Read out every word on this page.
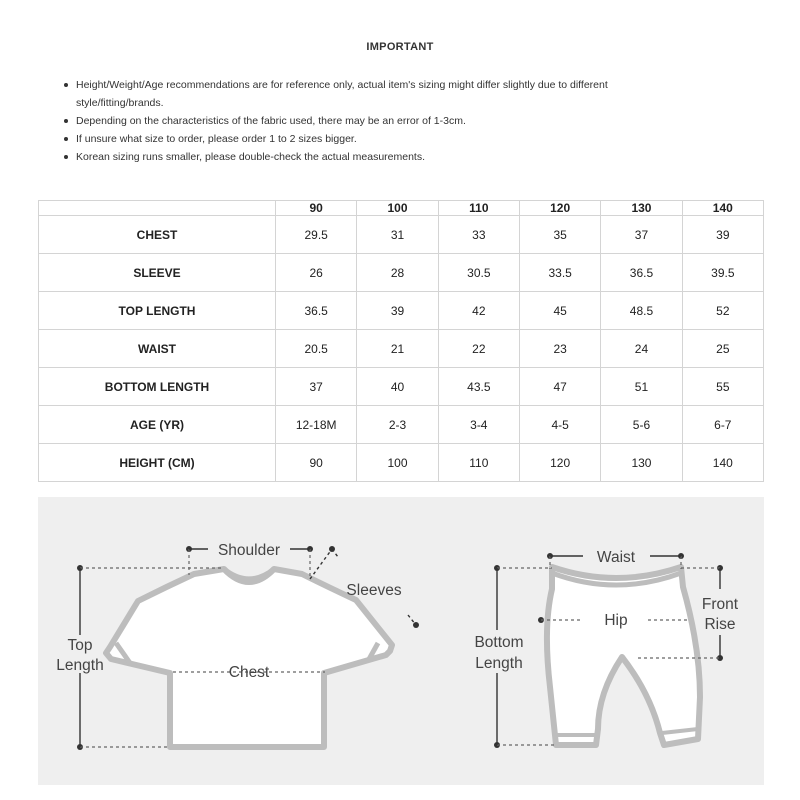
IMPORTANT
Height/Weight/Age recommendations are for reference only, actual item's sizing might differ slightly due to different
style/fitting/brands.
Depending on the characteristics of the fabric used, there may be an error of 1-3cm.
If unsure what size to order, please order 1 to 2 sizes bigger.
Korean sizing runs smaller, please double-check the actual measurements.
	90	100	110	120	130	140
CHEST	29.5	31	33	35	37	39
SLEEVE	26	28	30.5	33.5	36.5	39.5
TOP LENGTH	36.5	39	42	45	48.5	52
WAIST	20.5	21	22	23	24	25
BOTTOM LENGTH	37	40	43.5	47	51	55
AGE (YR)	12-18M	2-3	3-4	4-5	5-6	6-7
HEIGHT (CM)	90	100	110	120	130	140
Shoulder
Sleeves
Top
Length	Chest
Waist
Hip
Front
Rise
Bottom
Length
